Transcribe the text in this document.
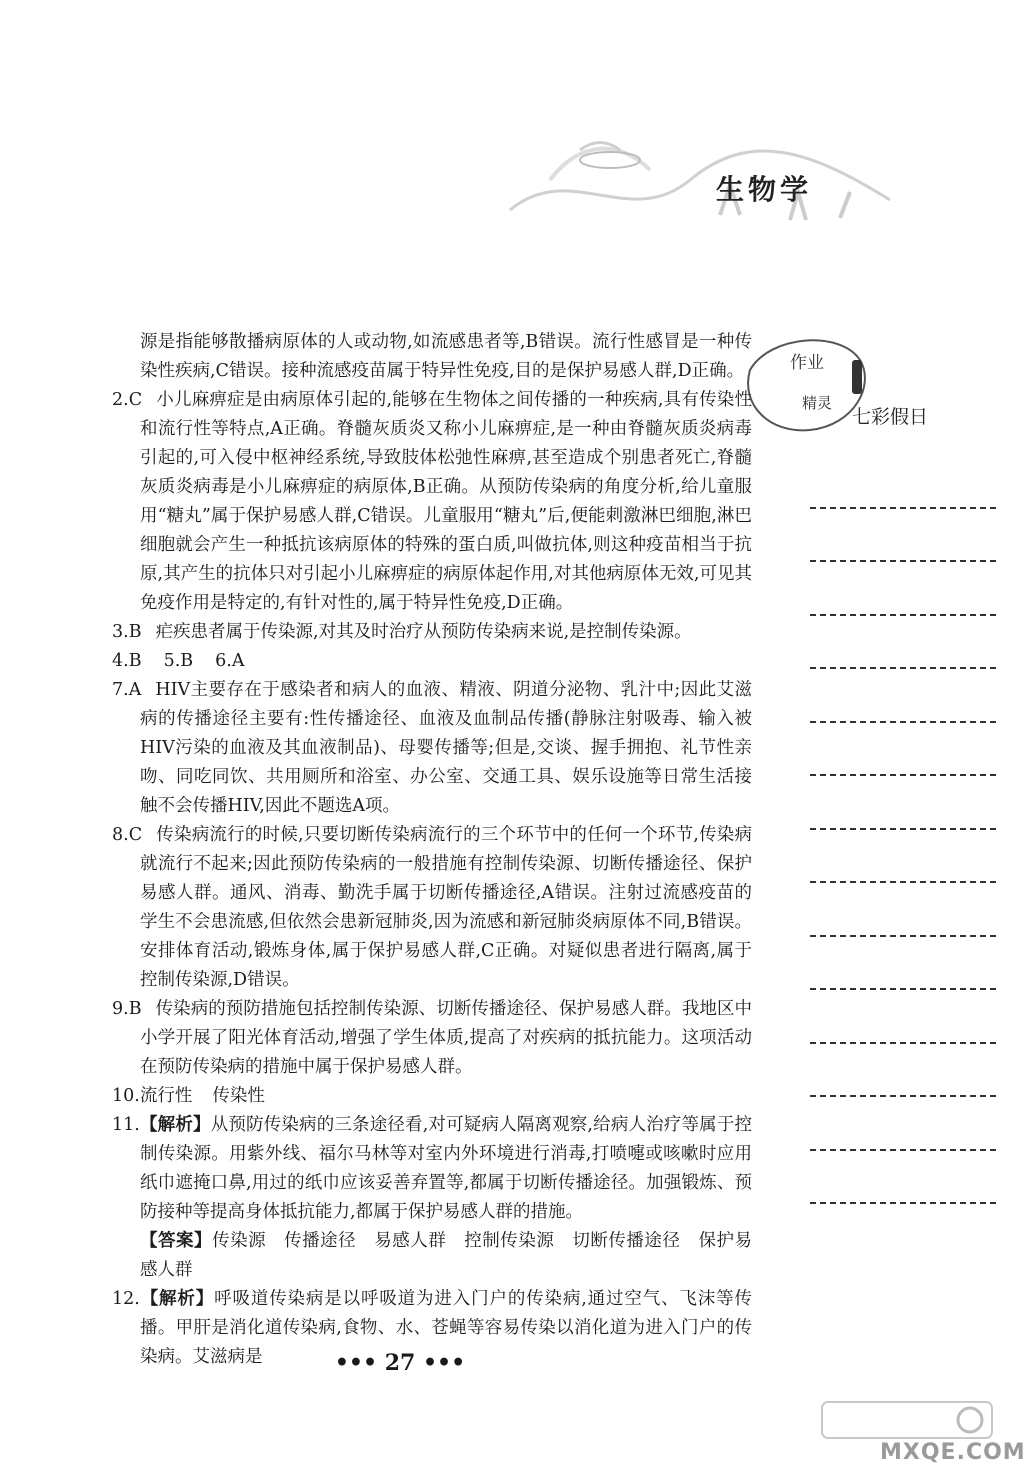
生物学
作业
精灵
七彩假日

源是指能够散播病原体的人或动物,如流感患者等,B错误。流行性感冒是一种传染性疾病,C错误。接种流感疫苗属于特异性免疫,目的是保护易感人群,D正确。

2.C 小儿麻痹症是由病原体引起的,能够在生物体之间传播的一种疾病,具有传染性和流行性等特点,A正确。脊髓灰质炎又称小儿麻痹症,是一种由脊髓灰质炎病毒引起的,可入侵中枢神经系统,导致肢体松弛性麻痹,甚至造成个别患者死亡,脊髓灰质炎病毒是小儿麻痹症的病原体,B正确。从预防传染病的角度分析,给儿童服用“糖丸”属于保护易感人群,C错误。儿童服用“糖丸”后,便能刺激淋巴细胞,淋巴细胞就会产生一种抵抗该病原体的特殊的蛋白质,叫做抗体,则这种疫苗相当于抗原,其产生的抗体只对引起小儿麻痹症的病原体起作用,对其他病原体无效,可见其免疫作用是特定的,有针对性的,属于特异性免疫,D正确。

3.B 疟疾患者属于传染源,对其及时治疗从预防传染病来说,是控制传染源。

4.B 5.B 6.A

7.A HIV主要存在于感染者和病人的血液、精液、阴道分泌物、乳汁中;因此艾滋病的传播途径主要有:性传播途径、血液及血制品传播(静脉注射吸毒、输入被HIV污染的血液及其血液制品)、母婴传播等;但是,交谈、握手拥抱、礼节性亲吻、同吃同饮、共用厕所和浴室、办公室、交通工具、娱乐设施等日常生活接触不会传播HIV,因此不题选A项。

8.C 传染病流行的时候,只要切断传染病流行的三个环节中的任何一个环节,传染病就流行不起来;因此预防传染病的一般措施有控制传染源、切断传播途径、保护易感人群。通风、消毒、勤洗手属于切断传播途径,A错误。注射过流感疫苗的学生不会患流感,但依然会患新冠肺炎,因为流感和新冠肺炎病原体不同,B错误。安排体育活动,锻炼身体,属于保护易感人群,C正确。对疑似患者进行隔离,属于控制传染源,D错误。

9.B 传染病的预防措施包括控制传染源、切断传播途径、保护易感人群。我地区中小学开展了阳光体育活动,增强了学生体质,提高了对疾病的抵抗能力。这项活动在预防传染病的措施中属于保护易感人群。

10.流行性 传染性

11.【解析】从预防传染病的三条途径看,对可疑病人隔离观察,给病人治疗等属于控制传染源。用紫外线、福尔马林等对室内外环境进行消毒,打喷嚏或咳嗽时应用纸巾遮掩口鼻,用过的纸巾应该妥善弃置等,都属于切断传播途径。加强锻炼、预防接种等提高身体抵抗能力,都属于保护易感人群的措施。

【答案】传染源　传播途径　易感人群　控制传染源　切断传播途径　保护易感人群

12.【解析】呼吸道传染病是以呼吸道为进入门户的传染病,通过空气、飞沫等传播。甲肝是消化道传染病,食物、水、苍蝇等容易传染以消化道为进入门户的传染病。艾滋病是	••• 27 •••
MXQE.COM
